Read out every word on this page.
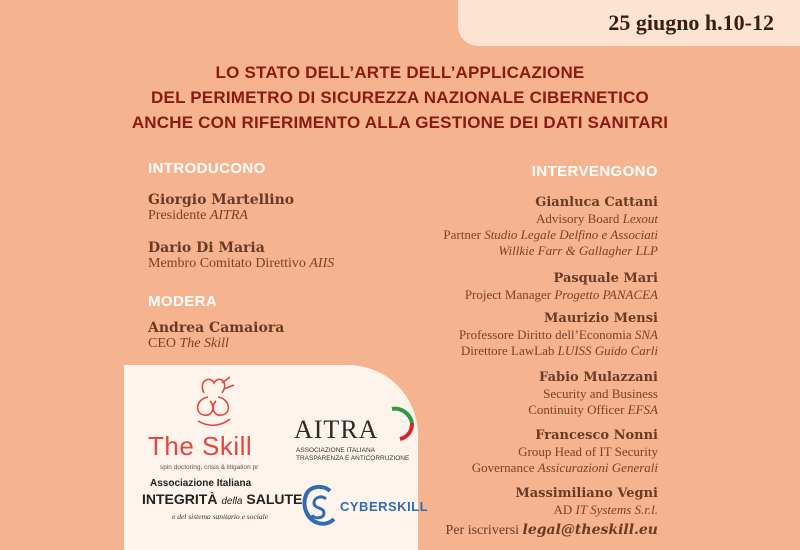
25 giugno h.10-12
LO STATO DELL’ARTE DELL’APPLICAZIONE
DEL PERIMETRO DI SICUREZZA NAZIONALE CIBERNETICO
ANCHE CON RIFERIMENTO ALLA GESTIONE DEI DATI SANITARI
INTRODUCONO
Giorgio Martellino
Presidente AITRA
Dario Di Maria
Membro Comitato Direttivo AIIS
MODERA
Andrea Camaiora
CEO The Skill
INTERVENGONO
Gianluca Cattani
Advisory Board Lexout
Partner Studio Legale Delfino e Associati
Willkie Farr & Gallagher LLP
Pasquale Mari
Project Manager Progetto PANACEA
Maurizio Mensi
Professore Diritto dell’Economia SNA
Direttore LawLab LUISS Guido Carli
Fabio Mulazzani
Security and Business
Continuity Officer EFSA
Francesco Nonni
Group Head of IT Security
Governance Assicurazioni Generali
Massimiliano Vegni
AD IT Systems S.r.l.
Per iscriversi legal@theskill.eu
The Skill
spin doctoring, crisis & litigation pr
AITRA
ASSOCIAZIONE ITALIANA
TRASPARENZA E ANTICORRUZIONE
Associazione Italiana
INTEGRITÀ della SALUTE
e del sistema sanitario e sociale
CYBERSKILL
